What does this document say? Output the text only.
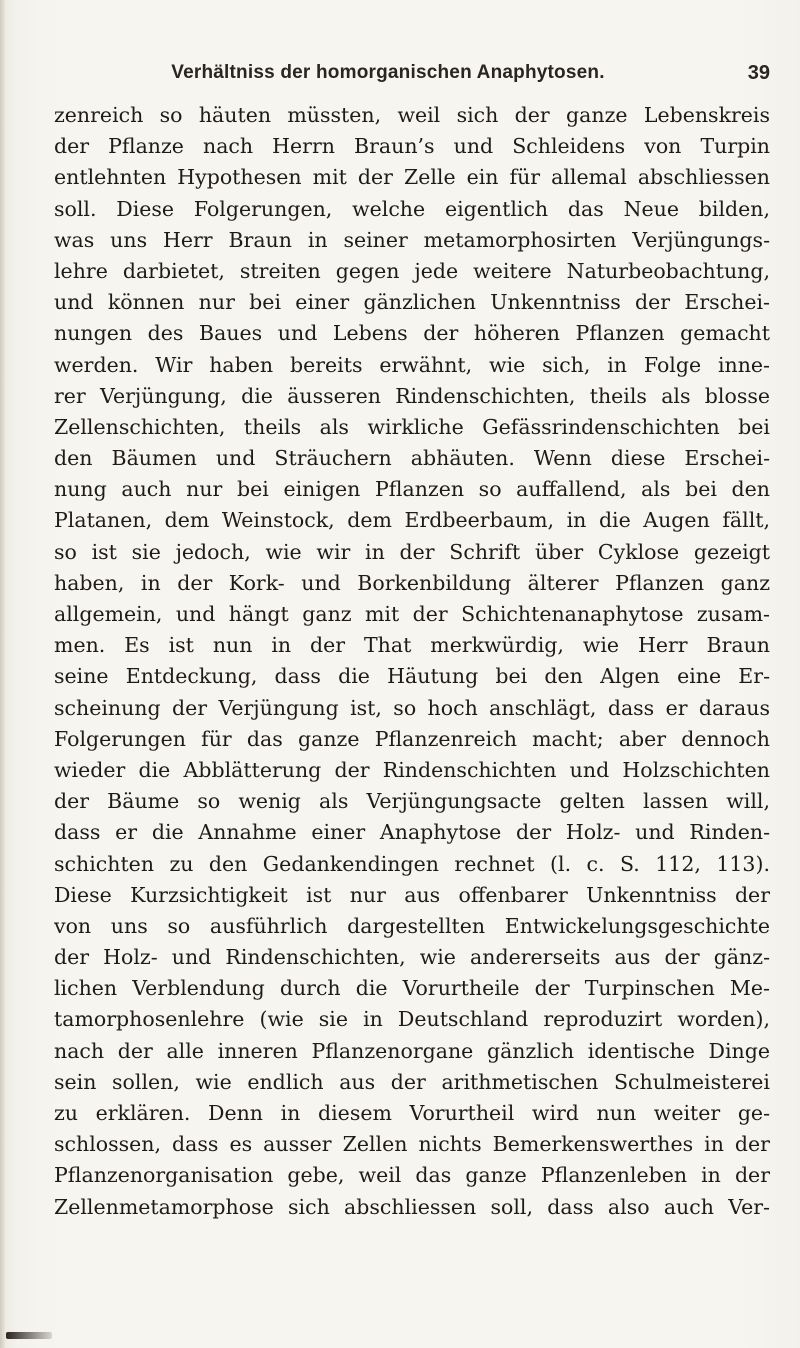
Verhältniss der homorganischen Anaphytosen.	39
zenreich so häuten müssten, weil sich der ganze Lebenskreis
der Pflanze nach Herrn Braun’s und Schleidens von Turpin
entlehnten Hypothesen mit der Zelle ein für allemal abschliessen
soll. Diese Folgerungen, welche eigentlich das Neue bilden,
was uns Herr Braun in seiner metamorphosirten Verjüngungs-
lehre darbietet, streiten gegen jede weitere Naturbeobachtung,
und können nur bei einer gänzlichen Unkenntniss der Erschei-
nungen des Baues und Lebens der höheren Pflanzen gemacht
werden. Wir haben bereits erwähnt, wie sich, in Folge inne-
rer Verjüngung, die äusseren Rindenschichten, theils als blosse
Zellenschichten, theils als wirkliche Gefässrindenschichten bei
den Bäumen und Sträuchern abhäuten. Wenn diese Erschei-
nung auch nur bei einigen Pflanzen so auffallend, als bei den
Platanen, dem Weinstock, dem Erdbeerbaum, in die Augen fällt,
so ist sie jedoch, wie wir in der Schrift über Cyklose gezeigt
haben, in der Kork- und Borkenbildung älterer Pflanzen ganz
allgemein, und hängt ganz mit der Schichtenanaphytose zusam-
men. Es ist nun in der That merkwürdig, wie Herr Braun
seine Entdeckung, dass die Häutung bei den Algen eine Er-
scheinung der Verjüngung ist, so hoch anschlägt, dass er daraus
Folgerungen für das ganze Pflanzenreich macht; aber dennoch
wieder die Abblätterung der Rindenschichten und Holzschichten
der Bäume so wenig als Verjüngungsacte gelten lassen will,
dass er die Annahme einer Anaphytose der Holz- und Rinden-
schichten zu den Gedankendingen rechnet (l. c. S. 112, 113).
Diese Kurzsichtigkeit ist nur aus offenbarer Unkenntniss der
von uns so ausführlich dargestellten Entwickelungsgeschichte
der Holz- und Rindenschichten, wie andererseits aus der gänz-
lichen Verblendung durch die Vorurtheile der Turpinschen Me-
tamorphosenlehre (wie sie in Deutschland reproduzirt worden),
nach der alle inneren Pflanzenorgane gänzlich identische Dinge
sein sollen, wie endlich aus der arithmetischen Schulmeisterei
zu erklären. Denn in diesem Vorurtheil wird nun weiter ge-
schlossen, dass es ausser Zellen nichts Bemerkenswerthes in der
Pflanzenorganisation gebe, weil das ganze Pflanzenleben in der
Zellenmetamorphose sich abschliessen soll, dass also auch Ver-
